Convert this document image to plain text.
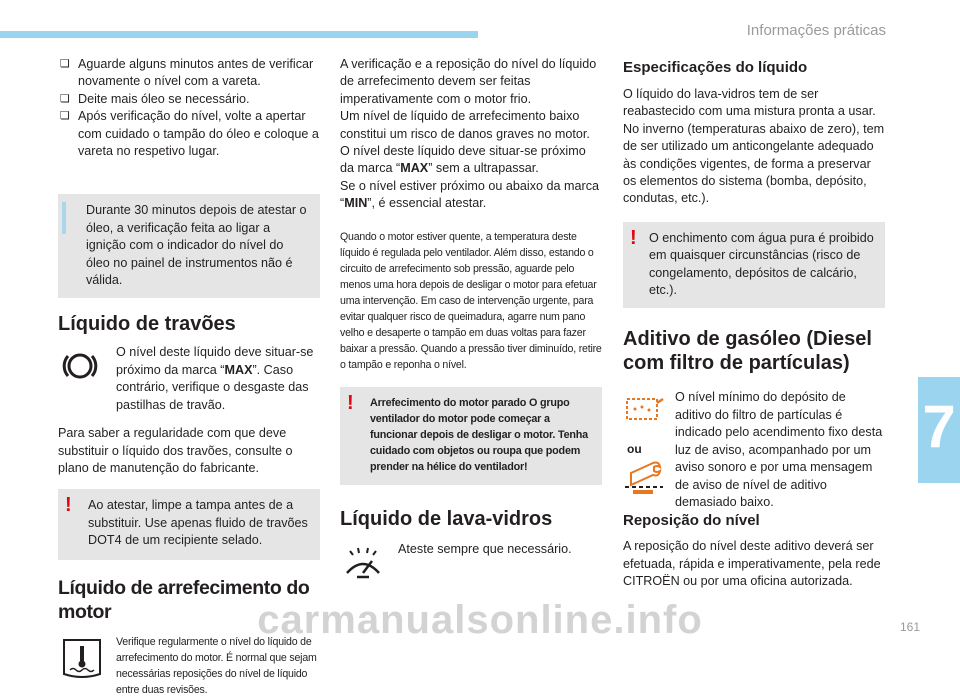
Informações práticas
❏ Aguarde alguns minutos antes de verificar novamente o nível com a vareta.
❏ Deite mais óleo se necessário.
❏ Após verificação do nível, volte a apertar com cuidado o tampão do óleo e coloque a vareta no respetivo lugar.

Durante 30 minutos depois de atestar o óleo, a verificação feita ao ligar a ignição com o indicador do nível do óleo no painel de instrumentos não é válida.

Líquido de travões

O nível deste líquido deve situar-se próximo da marca “MAX”. Caso contrário, verifique o desgaste das pastilhas de travão.

Para saber a regularidade com que deve substituir o líquido dos travões, consulte o plano de manutenção do fabricante.

! Ao atestar, limpe a tampa antes de a substituir. Use apenas fluido de travões DOT4 de um recipiente selado.

Líquido de arrefecimento do motor

Verifique regularmente o nível do líquido de arrefecimento do motor. É normal que sejam necessárias reposições do nível de líquido entre duas revisões.

A verificação e a reposição do nível do líquido de arrefecimento devem ser feitas imperativamente com o motor frio.

Um nível de líquido de arrefecimento baixo constitui um risco de danos graves no motor.

O nível deste líquido deve situar-se próximo da marca “MAX” sem a ultrapassar.

Se o nível estiver próximo ou abaixo da marca “MIN”, é essencial atestar.

Quando o motor estiver quente, a temperatura deste líquido é regulada pelo ventilador. Além disso, estando o circuito de arrefecimento sob pressão, aguarde pelo menos uma hora depois de desligar o motor para efetuar uma intervenção. Em caso de intervenção urgente, para evitar qualquer risco de queimadura, agarre num pano velho e desaperte o tampão em duas voltas para fazer baixar a pressão. Quando a pressão tiver diminuído, retire o tampão e reponha o nível.

! Arrefecimento do motor parado O grupo ventilador do motor pode começar a funcionar depois de desligar o motor. Tenha cuidado com objetos ou roupa que podem prender na hélice do ventilador!

Líquido de lava-vidros

Ateste sempre que necessário.

Especificações do líquido

O líquido do lava-vidros tem de ser reabastecido com uma mistura pronta a usar. No inverno (temperaturas abaixo de zero), tem de ser utilizado um anticongelante adequado às condições vigentes, de forma a preservar os elementos do sistema (bomba, depósito, condutas, etc.).

! O enchimento com água pura é proibido em quaisquer circunstâncias (risco de congelamento, depósitos de calcário, etc.).

Aditivo de gasóleo (Diesel com filtro de partículas)
ou

O nível mínimo do depósito de aditivo do filtro de partículas é indicado pelo acendimento fixo desta luz de aviso, acompanhado por um aviso sonoro e por uma mensagem de aviso de nível de aditivo demasiado baixo.

Reposição do nível

A reposição do nível deste aditivo deverá ser efetuada, rápida e imperativamente, pela rede CITROËN ou por uma oficina autorizada.

7
161
carmanualsonline.info
